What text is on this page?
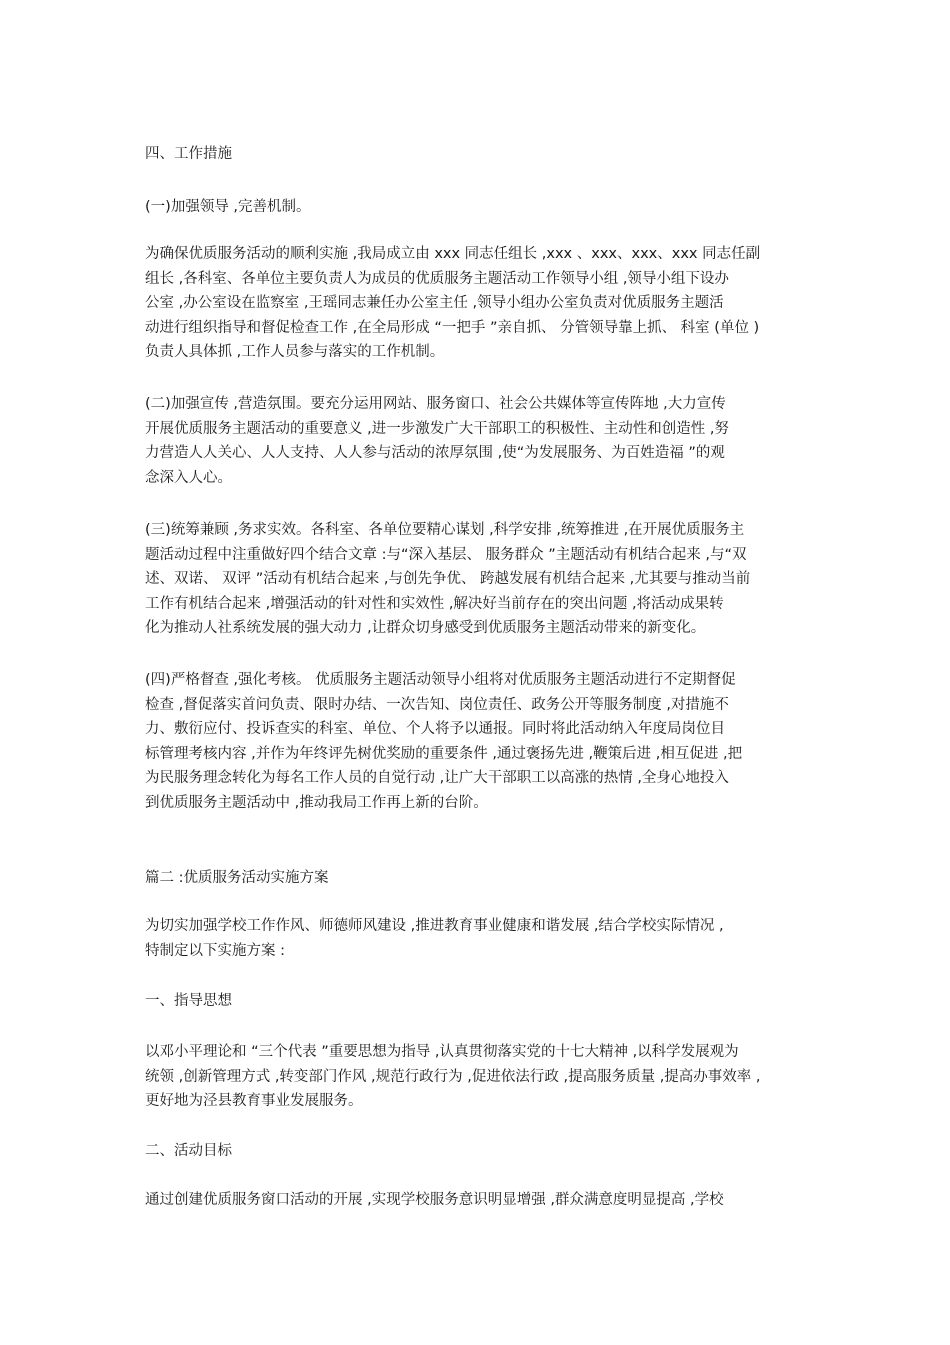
四、工作措施
(一)加强领导 ,完善机制。
为确保优质服务活动的顺利实施 ,我局成立由 xxx 同志任组长 ,xxx 、xxx、xxx、xxx 同志任副
组长 ,各科室、各单位主要负责人为成员的优质服务主题活动工作领导小组 ,领导小组下设办
公室 ,办公室设在监察室 ,王瑶同志兼任办公室主任 ,领导小组办公室负责对优质服务主题活
动进行组织指导和督促检查工作 ,在全局形成 “一把手 ”亲自抓、 分管领导靠上抓、 科室 (单位 )
负责人具体抓 ,工作人员参与落实的工作机制。
(二)加强宣传 ,营造氛围。要充分运用网站、服务窗口、社会公共媒体等宣传阵地 ,大力宣传
开展优质服务主题活动的重要意义 ,进一步激发广大干部职工的积极性、主动性和创造性 ,努
力营造人人关心、人人支持、人人参与活动的浓厚氛围 ,使“为发展服务、为百姓造福 ”的观
念深入人心。
(三)统筹兼顾 ,务求实效。各科室、各单位要精心谋划 ,科学安排 ,统筹推进 ,在开展优质服务主
题活动过程中注重做好四个结合文章 :与“深入基层、 服务群众 ”主题活动有机结合起来 ,与“双
述、双诺、 双评 ”活动有机结合起来 ,与创先争优、 跨越发展有机结合起来 ,尤其要与推动当前
工作有机结合起来 ,增强活动的针对性和实效性 ,解决好当前存在的突出问题 ,将活动成果转
化为推动人社系统发展的强大动力 ,让群众切身感受到优质服务主题活动带来的新变化。
(四)严格督查 ,强化考核。 优质服务主题活动领导小组将对优质服务主题活动进行不定期督促
检查 ,督促落实首问负责、限时办结、一次告知、岗位责任、政务公开等服务制度 ,对措施不
力、敷衍应付、投诉查实的科室、单位、个人将予以通报。同时将此活动纳入年度局岗位目
标管理考核内容 ,并作为年终评先树优奖励的重要条件 ,通过褒扬先进 ,鞭策后进 ,相互促进 ,把
为民服务理念转化为每名工作人员的自觉行动 ,让广大干部职工以高涨的热情 ,全身心地投入
到优质服务主题活动中 ,推动我局工作再上新的台阶。
篇二 :优质服务活动实施方案
为切实加强学校工作作风、师德师风建设 ,推进教育事业健康和谐发展 ,结合学校实际情况 ,
特制定以下实施方案 :
一、指导思想
以邓小平理论和 “三个代表 ”重要思想为指导 ,认真贯彻落实党的十七大精神 ,以科学发展观为
统领 ,创新管理方式 ,转变部门作风 ,规范行政行为 ,促进依法行政 ,提高服务质量 ,提高办事效率 ,
更好地为泾县教育事业发展服务。
二、活动目标
通过创建优质服务窗口活动的开展 ,实现学校服务意识明显增强 ,群众满意度明显提高 ,学校
